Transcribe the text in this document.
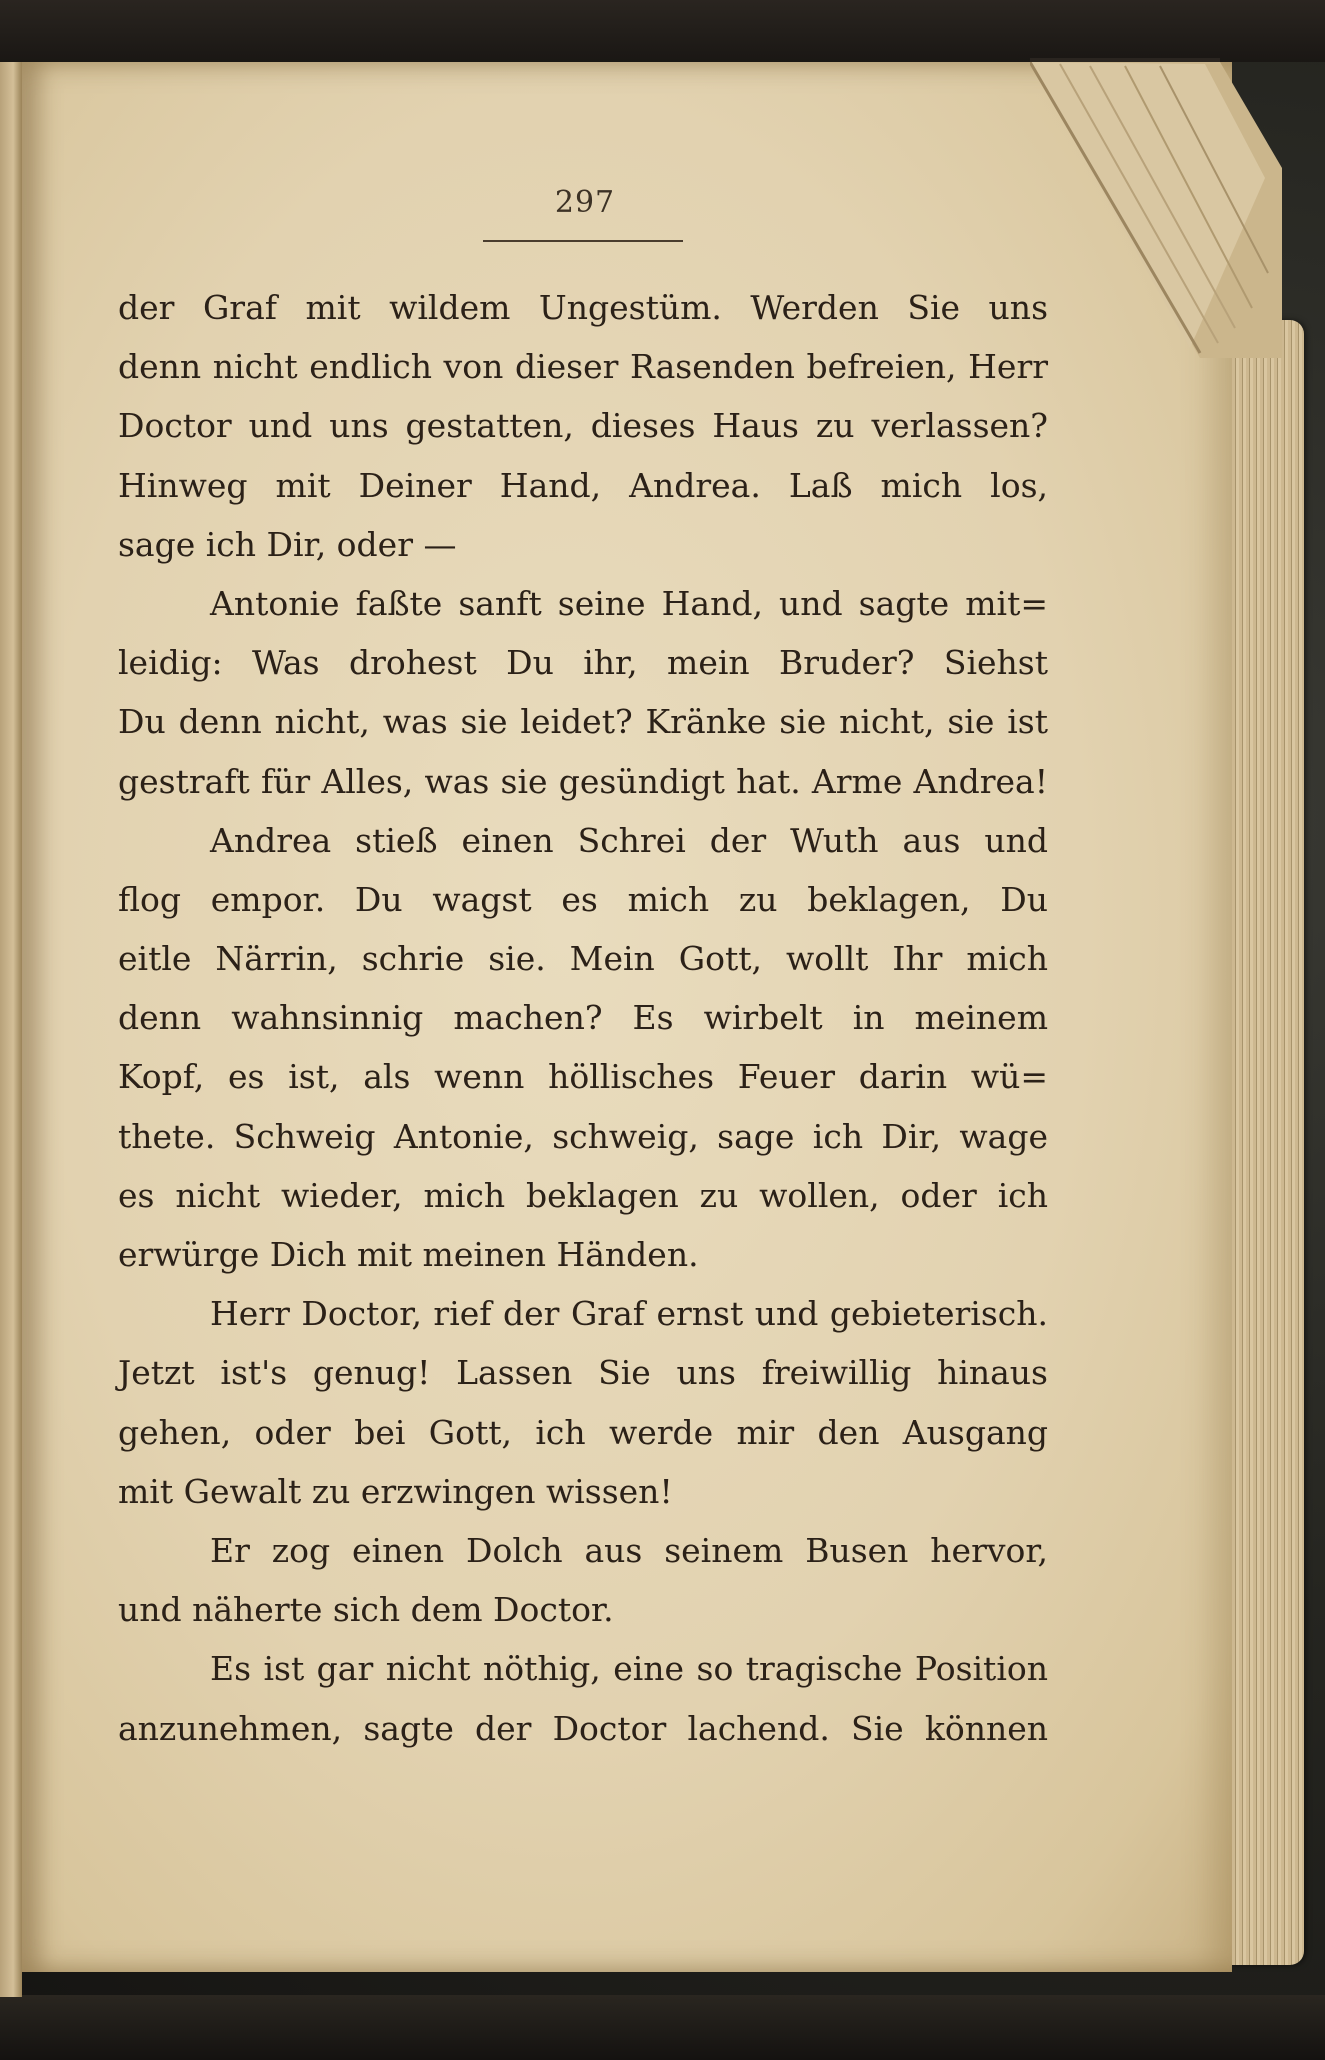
297
der Graf mit wildem Ungestüm. Werden Sie uns
denn nicht endlich von dieser Rasenden befreien, Herr
Doctor und uns gestatten, dieses Haus zu verlassen?
Hinweg mit Deiner Hand, Andrea. Laß mich los,
sage ich Dir, oder —
Antonie faßte sanft seine Hand, und sagte mit=
leidig: Was drohest Du ihr, mein Bruder? Siehst
Du denn nicht, was sie leidet? Kränke sie nicht, sie ist
gestraft für Alles, was sie gesündigt hat. Arme Andrea!
Andrea stieß einen Schrei der Wuth aus und
flog empor. Du wagst es mich zu beklagen, Du
eitle Närrin, schrie sie. Mein Gott, wollt Ihr mich
denn wahnsinnig machen? Es wirbelt in meinem
Kopf, es ist, als wenn höllisches Feuer darin wü=
thete. Schweig Antonie, schweig, sage ich Dir, wage
es nicht wieder, mich beklagen zu wollen, oder ich
erwürge Dich mit meinen Händen.
Herr Doctor, rief der Graf ernst und gebieterisch.
Jetzt ist's genug! Lassen Sie uns freiwillig hinaus
gehen, oder bei Gott, ich werde mir den Ausgang
mit Gewalt zu erzwingen wissen!
Er zog einen Dolch aus seinem Busen hervor,
und näherte sich dem Doctor.
Es ist gar nicht nöthig, eine so tragische Position
anzunehmen, sagte der Doctor lachend. Sie können
